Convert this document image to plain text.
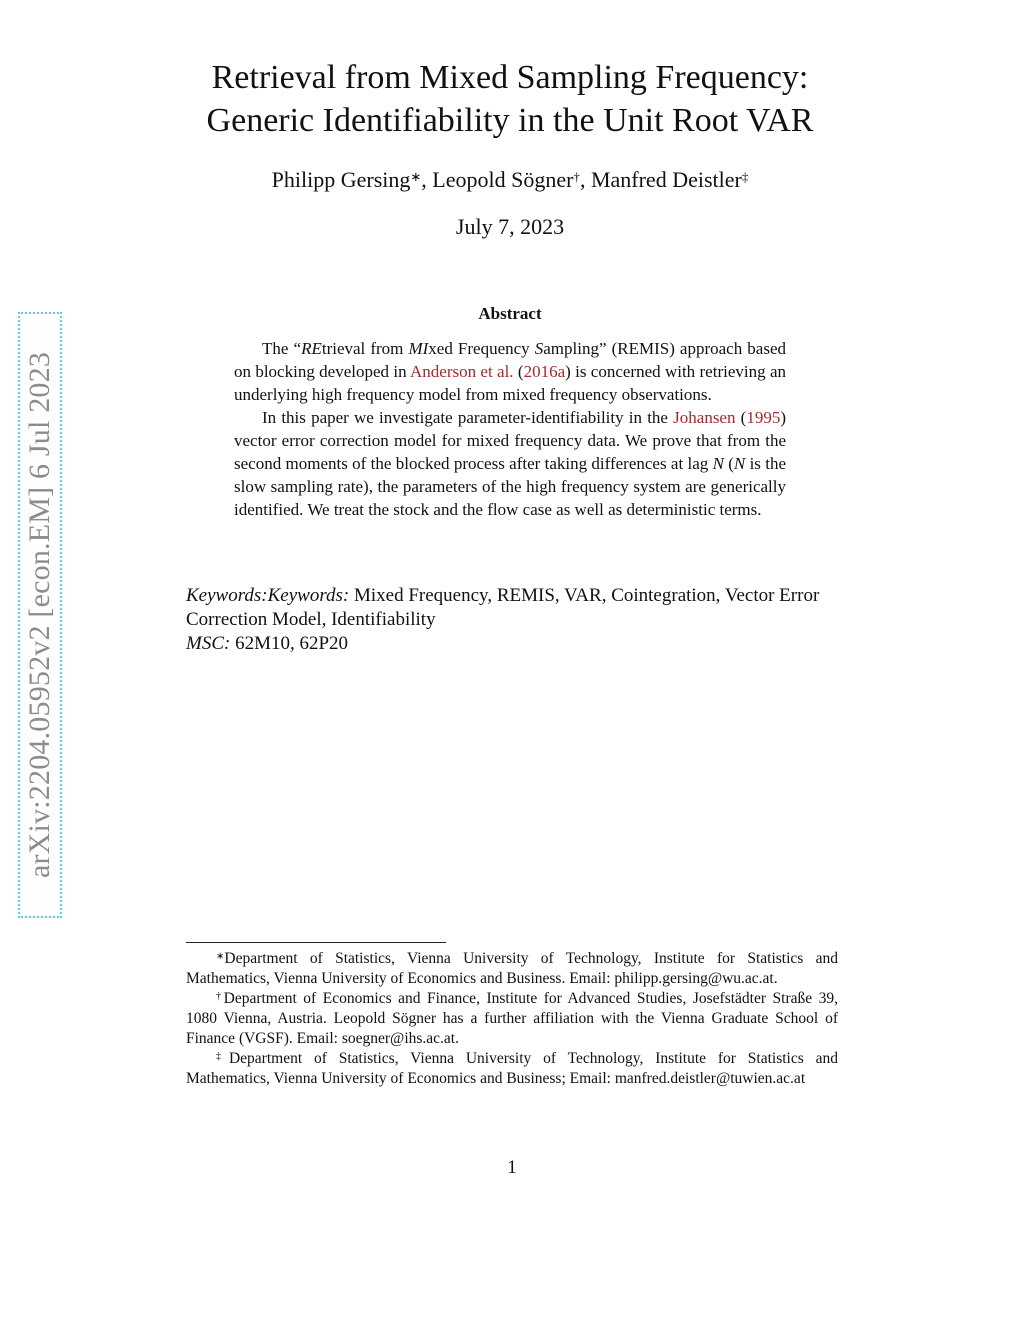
arXiv:2204.05952v2 [econ.EM] 6 Jul 2023
Retrieval from Mixed Sampling Frequency:
Generic Identifiability in the Unit Root VAR
Philipp Gersing∗, Leopold Sögner†, Manfred Deistler‡
July 7, 2023
Abstract

The “REtrieval from MIxed Frequency Sampling” (REMIS) approach based on blocking developed in Anderson et al. (2016a) is concerned with retrieving an underlying high frequency model from mixed frequency observations.

In this paper we investigate parameter-identifiability in the Johansen (1995) vector error correction model for mixed frequency data. We prove that from the second moments of the blocked process after taking differences at lag N (N is the slow sampling rate), the parameters of the high frequency system are generically identified. We treat the stock and the flow case as well as deterministic terms.

Keywords:Keywords: Mixed Frequency, REMIS, VAR, Cointegration, Vector Error Correction Model, Identifiability

MSC: 62M10, 62P20

∗Department of Statistics, Vienna University of Technology, Institute for Statistics and Mathematics, Vienna University of Economics and Business. Email: philipp.gersing@wu.ac.at.

†Department of Economics and Finance, Institute for Advanced Studies, Josefstädter Straße 39, 1080 Vienna, Austria. Leopold Sögner has a further affiliation with the Vienna Graduate School of Finance (VGSF). Email: soegner@ihs.ac.at.

‡Department of Statistics, Vienna University of Technology, Institute for Statistics and Mathematics, Vienna University of Economics and Business; Email: manfred.deistler@tuwien.ac.at

1
